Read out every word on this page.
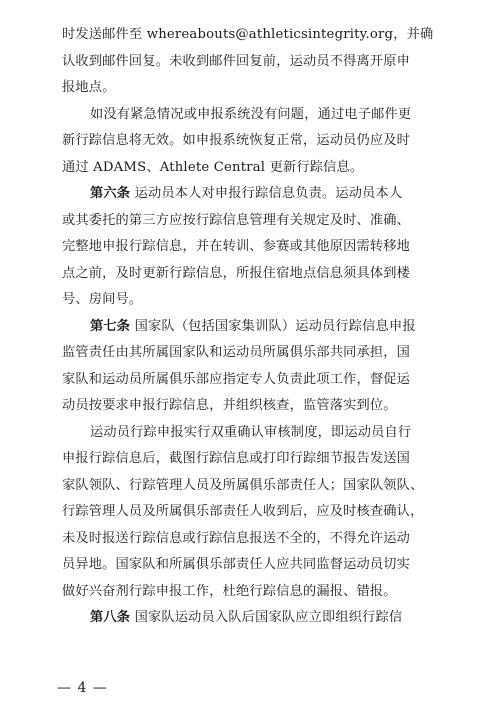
时发送邮件至 whereabouts@athleticsintegrity.org，并确
认收到邮件回复。未收到邮件回复前，运动员不得离开原申
报地点。
如没有紧急情况或申报系统没有问题，通过电子邮件更
新行踪信息将无效。如申报系统恢复正常，运动员仍应及时
通过 ADAMS、Athlete Central 更新行踪信息。
第六条 运动员本人对申报行踪信息负责。运动员本人
或其委托的第三方应按行踪信息管理有关规定及时、准确、
完整地申报行踪信息，并在转训、参赛或其他原因需转移地
点之前，及时更新行踪信息，所报住宿地点信息须具体到楼
号、房间号。
第七条 国家队（包括国家集训队）运动员行踪信息申报
监管责任由其所属国家队和运动员所属俱乐部共同承担，国
家队和运动员所属俱乐部应指定专人负责此项工作，督促运
动员按要求申报行踪信息，并组织核查，监管落实到位。
运动员行踪申报实行双重确认审核制度，即运动员自行
申报行踪信息后，截图行踪信息或打印行踪细节报告发送国
家队领队、行踪管理人员及所属俱乐部责任人；国家队领队、
行踪管理人员及所属俱乐部责任人收到后，应及时核查确认，
未及时报送行踪信息或行踪信息报送不全的，不得允许运动
员异地。国家队和所属俱乐部责任人应共同监督运动员切实
做好兴奋剂行踪申报工作，杜绝行踪信息的漏报、错报。
第八条 国家队运动员入队后国家队应立即组织行踪信
— 4 —
